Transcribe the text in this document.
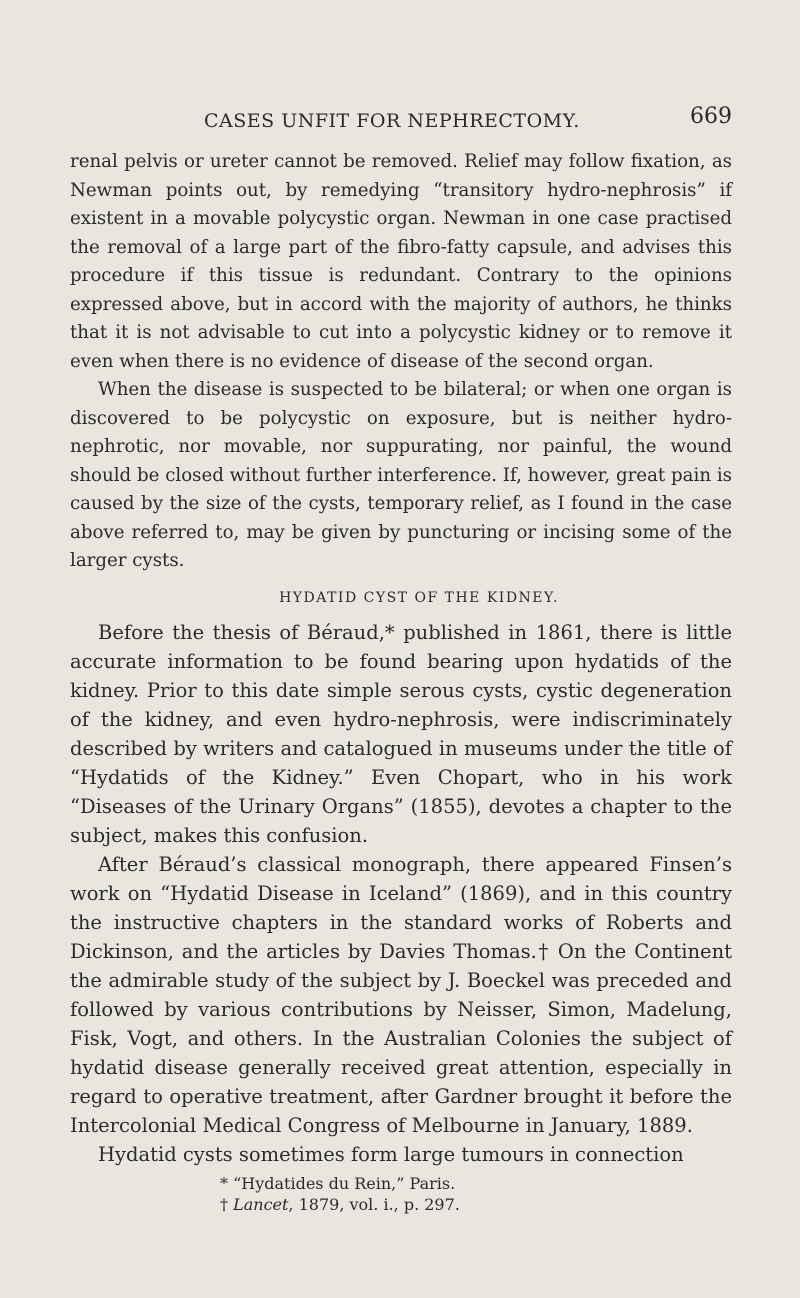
CASES UNFIT FOR NEPHRECTOMY.	669

renal pelvis or ureter cannot be removed. Relief may follow fixation, as Newman points out, by remedying “transitory hydro-nephrosis” if existent in a movable polycystic organ. Newman in one case practised the removal of a large part of the fibro-fatty capsule, and advises this procedure if this tissue is redundant. Contrary to the opinions expressed above, but in accord with the majority of authors, he thinks that it is not advisable to cut into a polycystic kidney or to remove it even when there is no evidence of disease of the second organ.

When the disease is suspected to be bilateral; or when one organ is discovered to be polycystic on exposure, but is neither hydro-nephrotic, nor movable, nor suppurating, nor painful, the wound should be closed without further interference. If, however, great pain is caused by the size of the cysts, temporary relief, as I found in the case above referred to, may be given by puncturing or incising some of the larger cysts.

HYDATID CYST OF THE KIDNEY.

Before the thesis of Béraud,* published in 1861, there is little accurate information to be found bearing upon hydatids of the kidney. Prior to this date simple serous cysts, cystic degeneration of the kidney, and even hydro-nephrosis, were indiscriminately described by writers and catalogued in museums under the title of “Hydatids of the Kidney.” Even Chopart, who in his work “Diseases of the Urinary Organs” (1855), devotes a chapter to the subject, makes this confusion.

After Béraud’s classical monograph, there appeared Finsen’s work on “Hydatid Disease in Iceland” (1869), and in this country the instructive chapters in the standard works of Roberts and Dickinson, and the articles by Davies Thomas.† On the Continent the admirable study of the subject by J. Boeckel was preceded and followed by various contributions by Neisser, Simon, Madelung, Fisk, Vogt, and others. In the Australian Colonies the subject of hydatid disease generally received great attention, especially in regard to operative treatment, after Gardner brought it before the Intercolonial Medical Congress of Melbourne in January, 1889.

Hydatid cysts sometimes form large tumours in connection

* “Hydatides du Rein,” Paris.
† Lancet, 1879, vol. i., p. 297.
